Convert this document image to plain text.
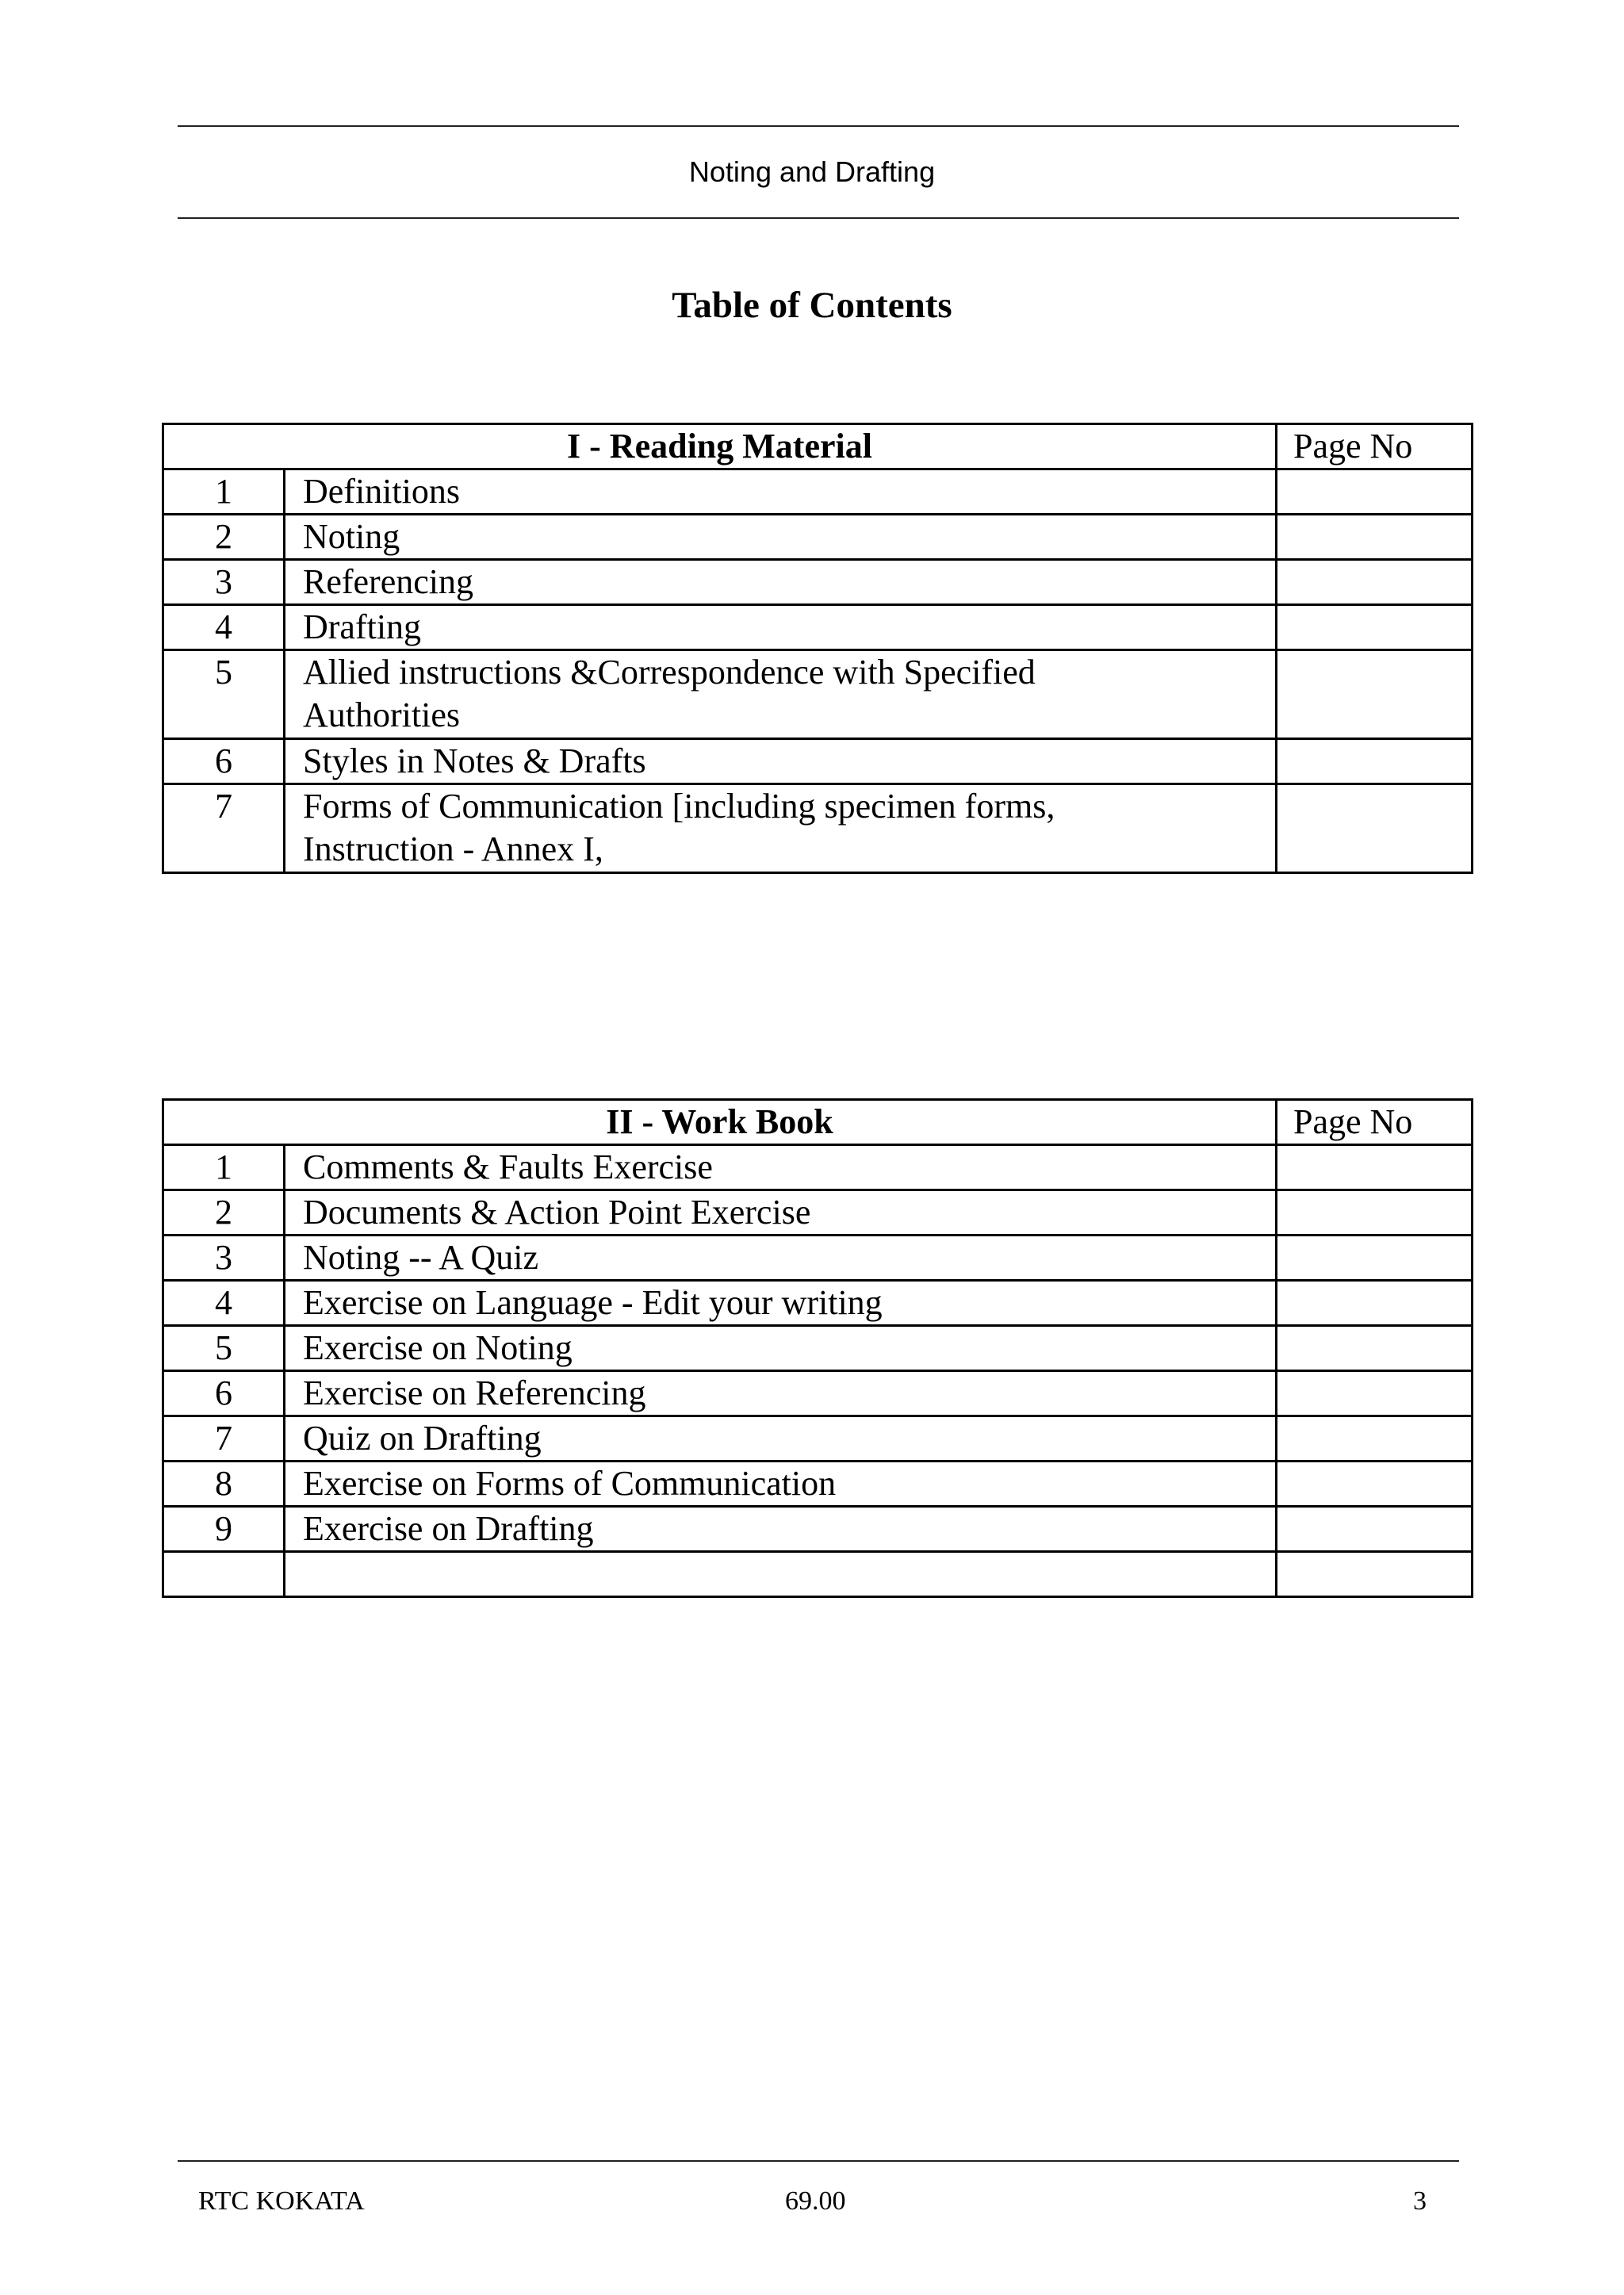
Noting and Drafting
Table of Contents
I - Reading Material		Page No
1	Definitions	
2	Noting	
3	Referencing	
4	Drafting	
5	Allied instructions &Correspondence with Specified Authorities	
6	Styles in Notes & Drafts	
7	Forms of Communication [including specimen forms, Instruction - Annex I,	
II - Work Book		Page No
1	Comments & Faults Exercise	
2	Documents & Action Point Exercise	
3	Noting -- A Quiz	
4	Exercise on Language - Edit your writing	
5	Exercise on Noting	
6	Exercise on Referencing	
7	Quiz on Drafting	
8	Exercise on Forms of Communication	
9	Exercise on Drafting	

RTC KOKATA	69.00	3
